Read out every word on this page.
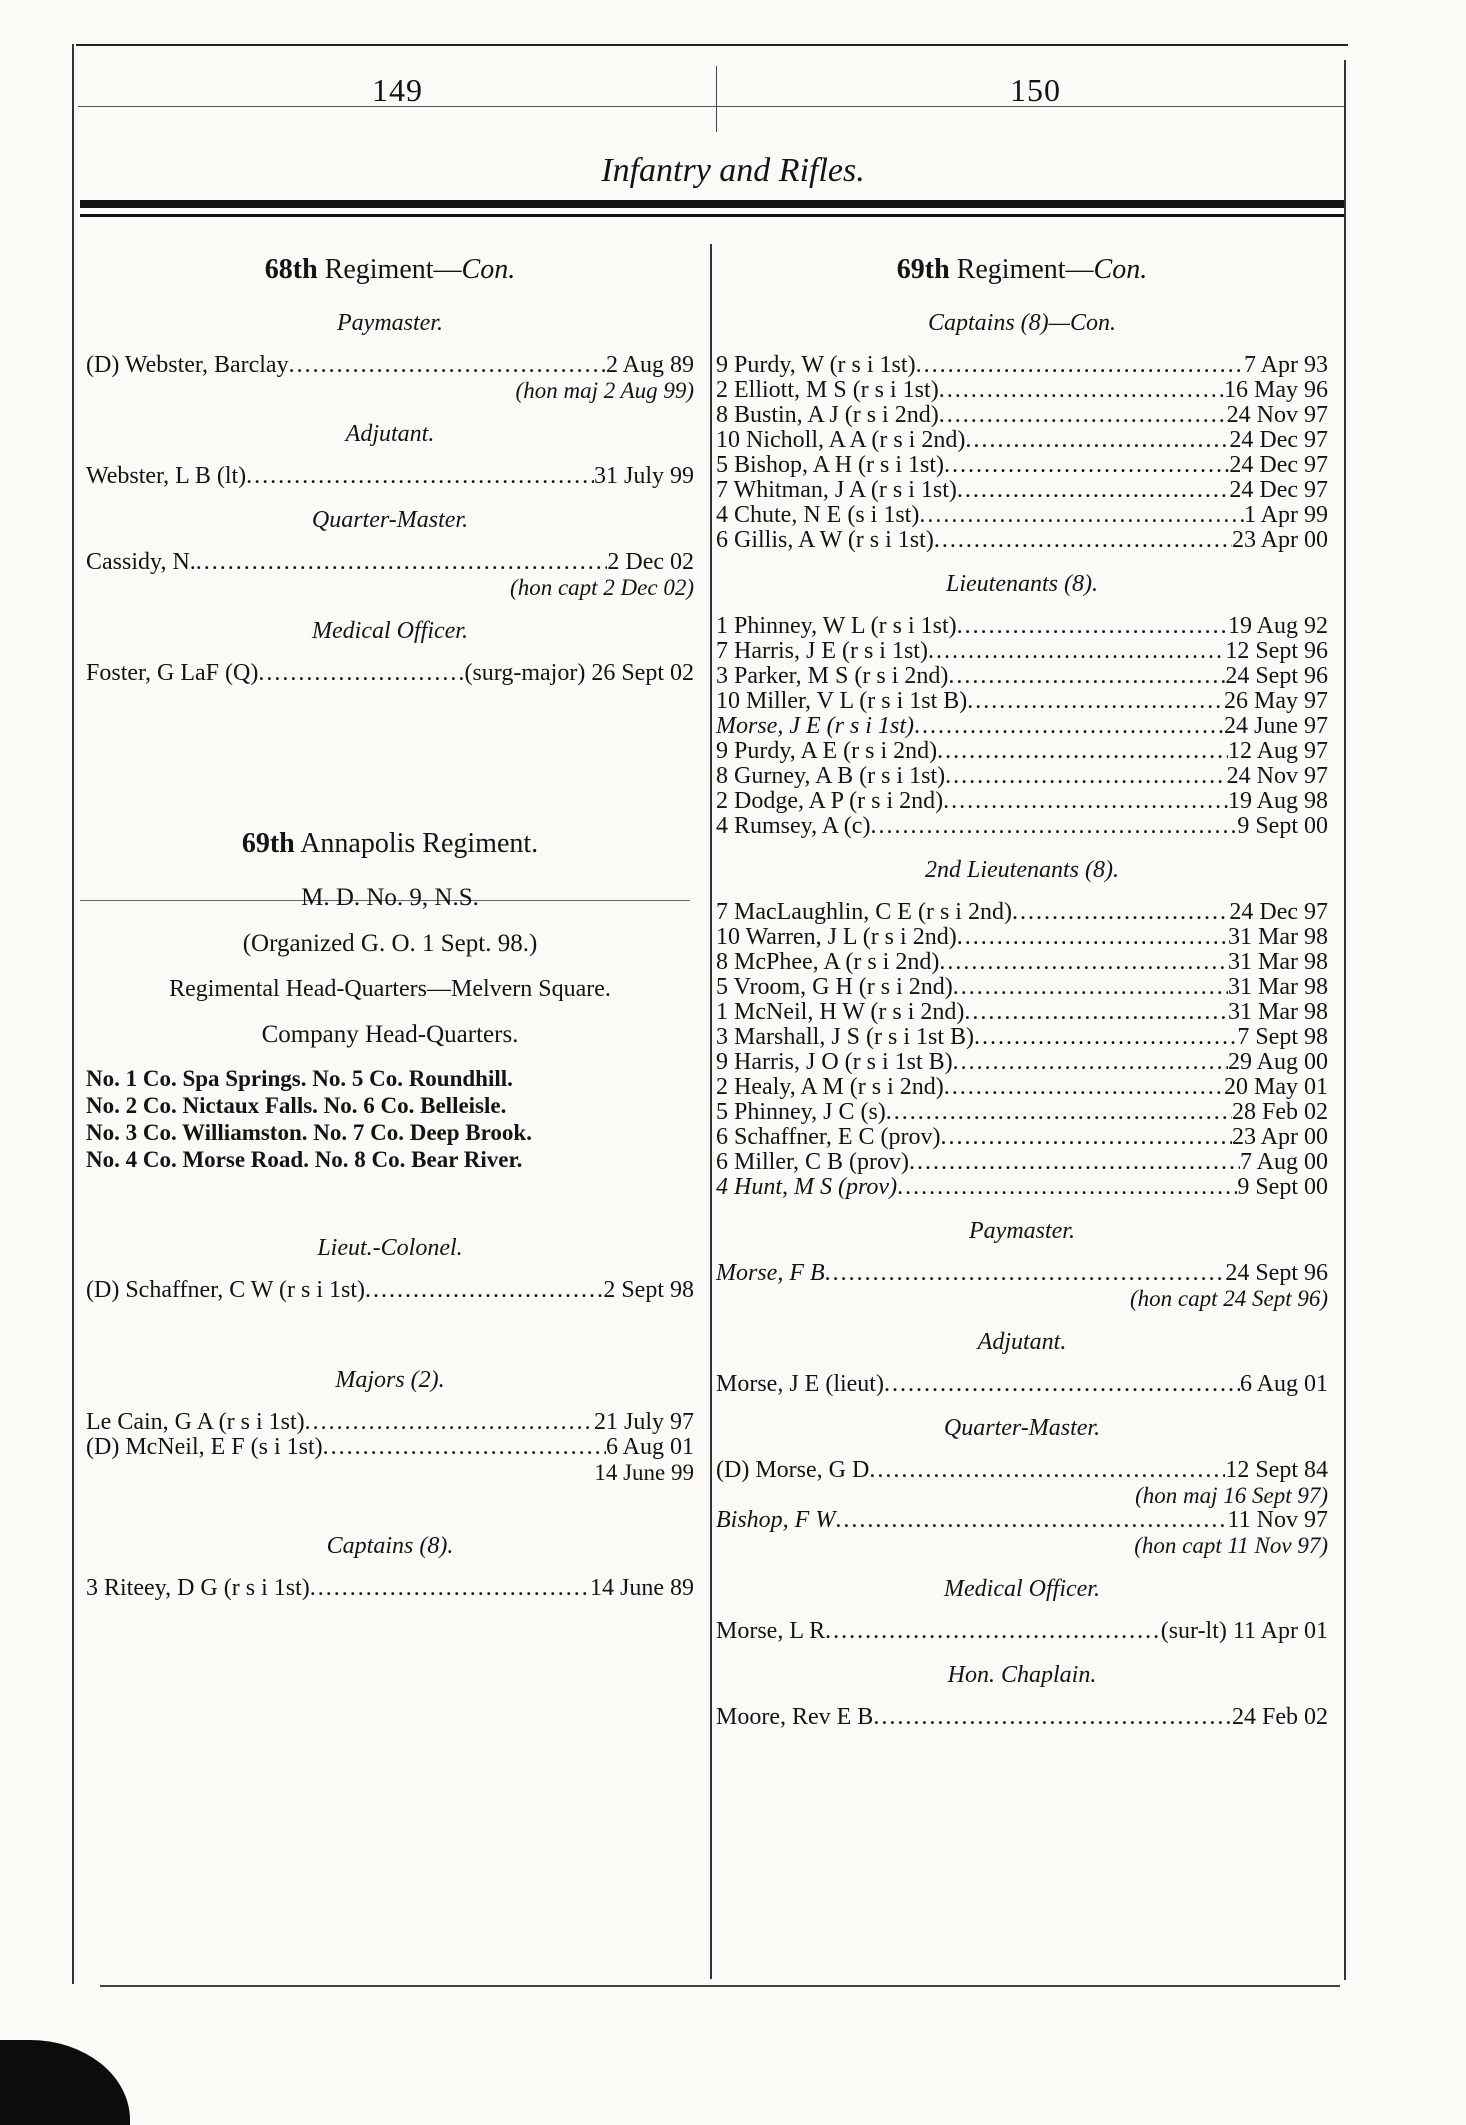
149	150
Infantry and Rifles.
68th Regiment—Con.
Paymaster.
(D) Webster, Barclay .....	2 Aug 89
(hon maj 2 Aug 99)
Adjutant.
Webster, L B (lt) .....	31 July 99
Quarter-Master.
Cassidy, N. .....	2 Dec 02
(hon capt 2 Dec 02)
Medical Officer.
Foster, G LaF (Q) .....	(surg-major) 26 Sept 02
69th Annapolis Regiment.
M. D. No. 9, N.S.
(Organized G. O. 1 Sept. 98.)
Regimental Head-Quarters—Melvern Square.
Company Head-Quarters.
No. 1 Co. Spa Springs. No. 5 Co. Roundhill.
No. 2 Co. Nictaux Falls. No. 6 Co. Belleisle.
No. 3 Co. Williamston. No. 7 Co. Deep Brook.
No. 4 Co. Morse Road. No. 8 Co. Bear River.
Lieut.-Colonel.
(D) Schaffner, C W (r s i 1st) .....	2 Sept 98
Majors (2).
Le Cain, G A (r s i 1st) .....	21 July 97
(D) McNeil, E F (s i 1st) .....	6 Aug 01
14 June 99
Captains (8).
3 Riteey, D G (r s i 1st) .....	14 June 89
69th Regiment—Con.
Captains (8)—Con.
9 Purdy, W (r s i 1st) .....	7 Apr 93
2 Elliott, M S (r s i 1st) .....	16 May 96
8 Bustin, A J (r s i 2nd) .....	24 Nov 97
10 Nicholl, A A (r s i 2nd) .....	24 Dec 97
5 Bishop, A H (r s i 1st) .....	24 Dec 97
7 Whitman, J A (r s i 1st) .....	24 Dec 97
4 Chute, N E (s i 1st) .....	1 Apr 99
6 Gillis, A W (r s i 1st) .....	23 Apr 00
Lieutenants (8).
1 Phinney, W L (r s i 1st) .....	19 Aug 92
7 Harris, J E (r s i 1st) .....	12 Sept 96
3 Parker, M S (r s i 2nd) .....	24 Sept 96
10 Miller, V L (r s i 1st B) .....	26 May 97
Morse, J E (r s i 1st) .....	24 June 97
9 Purdy, A E (r s i 2nd) .....	12 Aug 97
8 Gurney, A B (r s i 1st) .....	24 Nov 97
2 Dodge, A P (r s i 2nd) .....	19 Aug 98
4 Rumsey, A (c) .....	9 Sept 00
2nd Lieutenants (8).
7 MacLaughlin, C E (r s i 2nd) .....	24 Dec 97
10 Warren, J L (r s i 2nd) .....	31 Mar 98
8 McPhee, A (r s i 2nd) .....	31 Mar 98
5 Vroom, G H (r s i 2nd) .....	31 Mar 98
1 McNeil, H W (r s i 2nd) .....	31 Mar 98
3 Marshall, J S (r s i 1st B) .....	7 Sept 98
9 Harris, J O (r s i 1st B) .....	29 Aug 00
2 Healy, A M (r s i 2nd) .....	20 May 01
5 Phinney, J C (s) .....	28 Feb 02
6 Schaffner, E C (prov) .....	23 Apr 00
6 Miller, C B (prov) .....	7 Aug 00
4 Hunt, M S (prov) .....	9 Sept 00
Paymaster.
Morse, F B .....	24 Sept 96
(hon capt 24 Sept 96)
Adjutant.
Morse, J E (lieut) .....	6 Aug 01
Quarter-Master.
(D) Morse, G D .....	12 Sept 84
(hon maj 16 Sept 97)
Bishop, F W .....	11 Nov 97
(hon capt 11 Nov 97)
Medical Officer.
Morse, L R .....	(sur-lt) 11 Apr 01
Hon. Chaplain.
Moore, Rev E B .....	24 Feb 02
